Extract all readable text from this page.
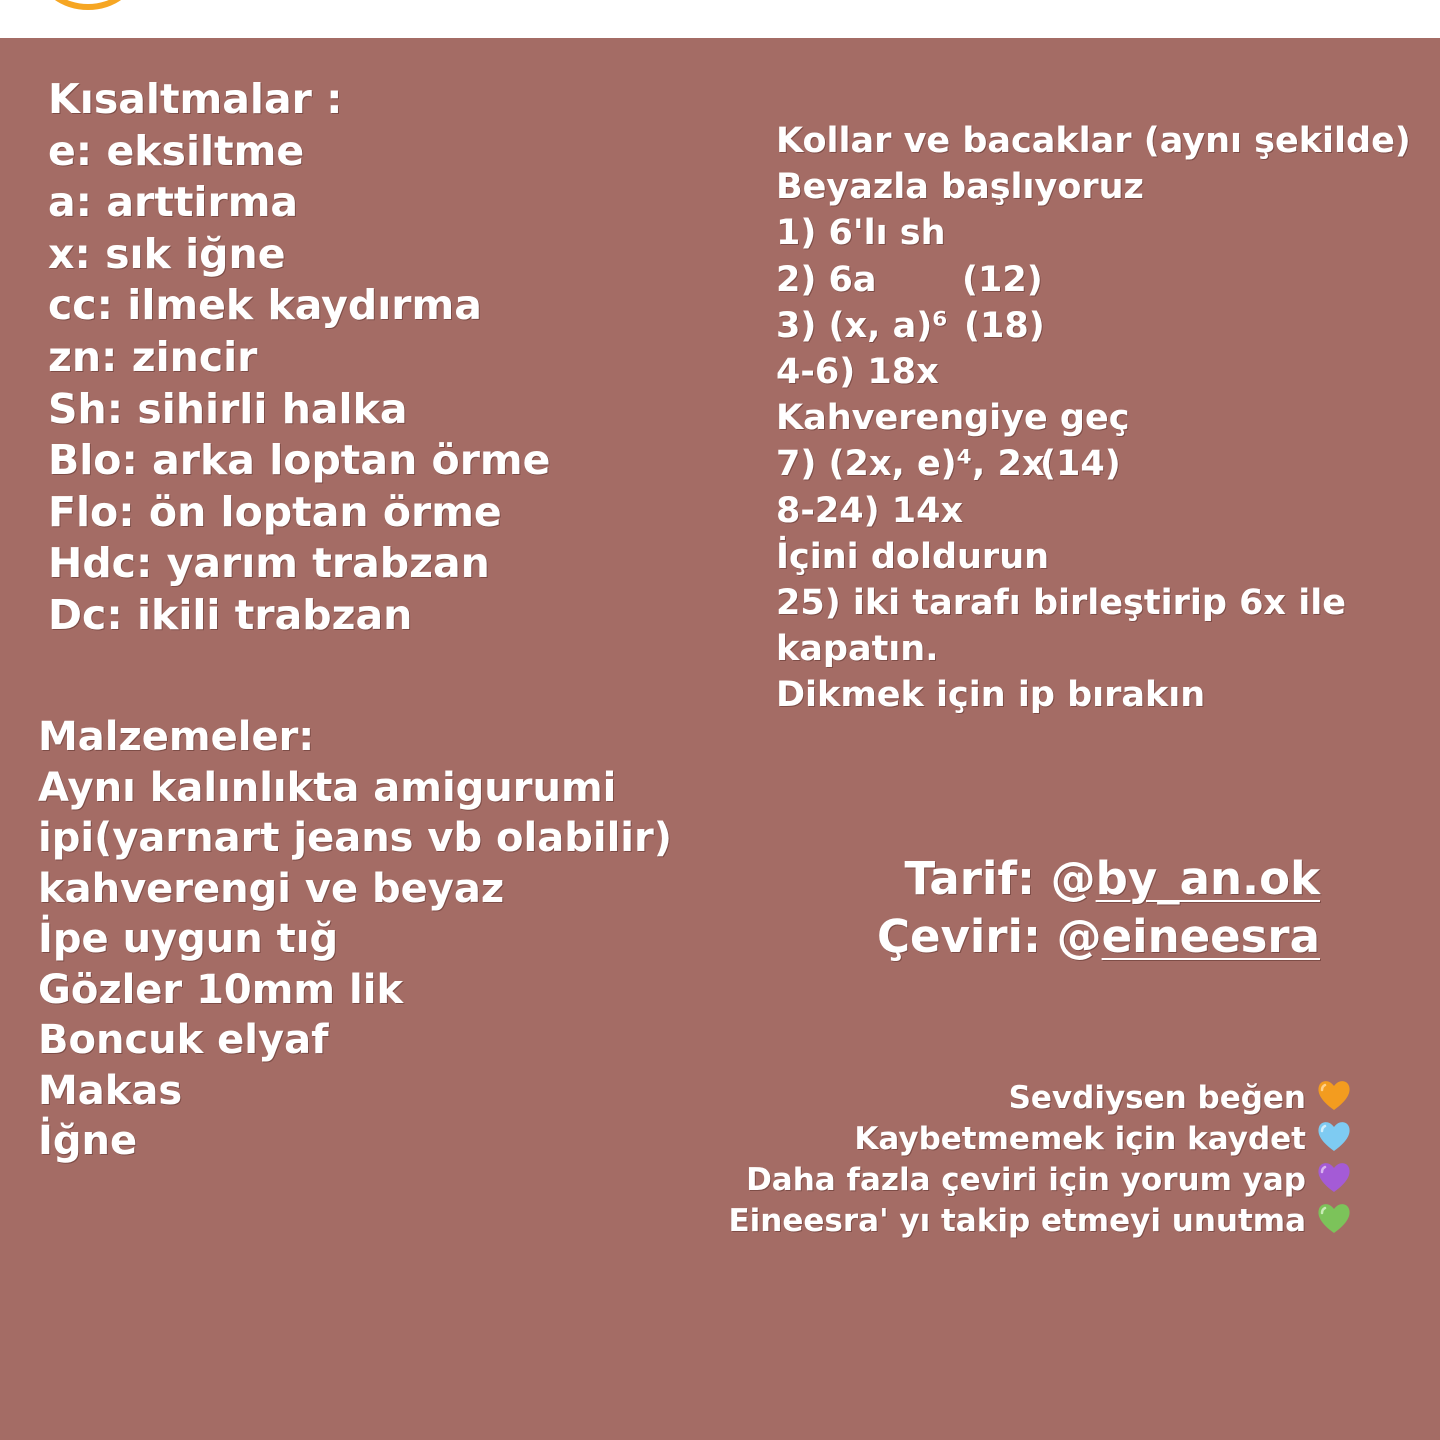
Kısaltmalar :
e: eksiltme
a: arttirma
x: sık iğne
cc: ilmek kaydırma
zn: zincir
Sh: sihirli halka
Blo: arka loptan örme
Flo: ön loptan örme
Hdc: yarım trabzan
Dc: ikili trabzan
Malzemeler:
Aynı kalınlıkta amigurumi
ipi(yarnart jeans vb olabilir)
kahverengi ve beyaz
İpe uygun tığ
Gözler 10mm lik
Boncuk elyaf
Makas
İğne
Kollar ve bacaklar (aynı şekilde)
Beyazla başlıyoruz
1) 6'lı sh
2) 6a (12)
3) (x, a)⁶ (18)
4-6) 18x
Kahverengiye geç
7) (2x, e)⁴, 2x(14)
8-24) 14x
İçini doldurun
25) iki tarafı birleştirip 6x ile
kapatın.
Dikmek için ip bırakın
Tarif: @by_an.ok
Çeviri: @eineesra
Sevdiysen beğen
Kaybetmemek için kaydet
Daha fazla çeviri için yorum yap
Eineesra' yı takip etmeyi unutma
